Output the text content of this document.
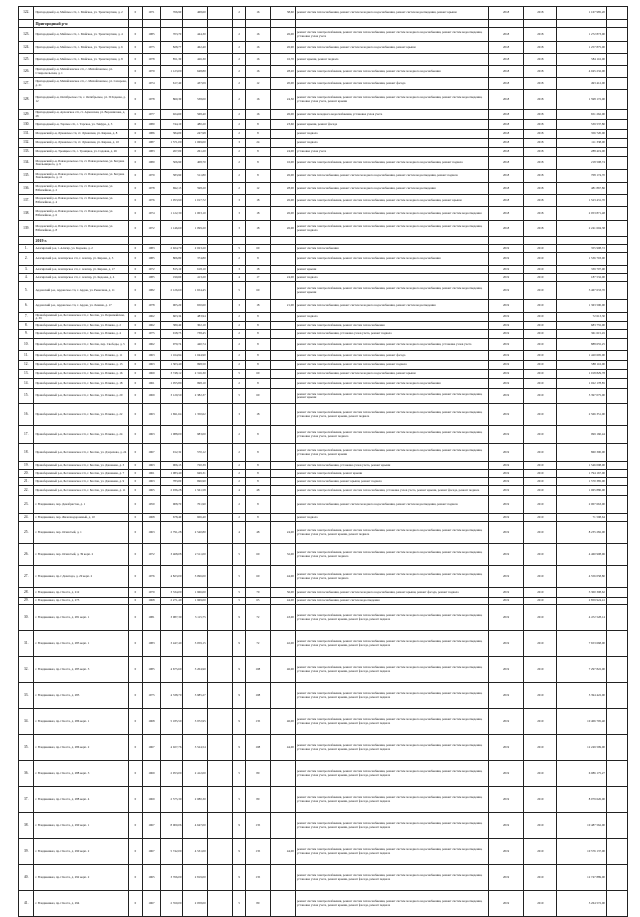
122.	Пригородный р-н, Майское с/п, с. Майское, ул. Транспортная, д. 2	0	1971	766,90	468,60		2	16	38,60	ремонт систем теплоснабжения, ремонт систем холодного водоснабжения, ремонт систем водоотведения, ремонт крыши	2018	2018	1 167 985,20	
	Пригородный р-н													
123.	Пригородный р-н, Майское с/п, с. Майское, ул. Транспортная, д. 4	0	1985	703,70	444,30		2	16	26,00	ремонт систем электроснабжения, ремонт систем теплоснабжения, ремонт систем холодного водоснабжения, ремонт систем водоотведения, установка узлов учета	2018	2018	1 272 873,00	
124.	Пригородный р-н, Майское с/п, с. Майское, ул. Транспортная, д. 6	0	1975	828,77	462,40		2	16	26,90	ремонт систем теплоснабжения, ремонт систем холодного водоснабжения, ремонт крыши	2018	2018	1 257 875,00	
125.	Пригородный р-н, Майское с/п, с. Майское, ул. Транспортная, д. 8	0	1978	851,30	426,30		2	16	16,70	ремонт крыши, ремонт подвала	2018	2018	584 116,00	
126.	Пригородный р-н, Михайловское с/п, с. Михайловское, ул. Ставропольская, д. 1	0	1979	1 123,00	648,80		2	16	28,20	ремонт систем электроснабжения, ремонт систем теплоснабжения, ремонт систем холодного водоснабжения	2018	2018	4 045 232,00	
127.	Пригородный р-н, Михайловское с/п, с. Михайловское, ул. Сахарова, д. 21	0	1974	617,40	437,09		2	12	20,00	ремонт систем электроснабжения, ремонт систем теплоснабжения, ремонт фасада	2018	2018	493 412,00	
128.	Пригородный р-н, Октябрьское с/п, с. Октябрьское, ул. П.Тедеева, д. 12	0	1978	860,30	538,00		2	16	24,50	ремонт систем электроснабжения, ремонт систем теплоснабжения, ремонт систем холодного водоснабжения, ремонт систем водоотведения, установка узлов учета, ремонт крыши	2018	2018	1 598 172,00	
129.	Пригородный р-н, Архонское с/п, ст. Архонская, ул. Ворошилова, д. 28	0	1977	924,60	568,40		2	16	26,00	ремонт систем холодного водоснабжения, установка узлов учета	2018	2018	651 262,00	
130.	Пригородный р-н, Тарское с/п, с. Тарское, ул. Тимура, д. 3	0	1980	744,10	480,20		2	8	23,60	ремонт крыши, ремонт фасада	2018	2018	539 537,80	
131.	Моздокский р-н, Луковское с/п, ст. Луковская, ул. Кирова, д. 8	0	1986	384,00	247,98		2	8		ремонт подвала	2018	2018	356 720,00	
132.	Моздокский р-н, Луковское с/п, ст. Луковская, ул. Кирова, д. 10	0	1987	1 571,00	1 069,00		3	24		ремонт подвала	2018	2018	111 338,00	
133.	Моздокский р-н, Троицкое с/п, с. Троицкое, ул. Садовая, д. 26	0	1983	267,00	261,20		2	8	24,00	установка узлов учета	2018	2018	288 419,00	
134.	Моздокский р-н, Павлодольское с/п, ст. Павлодольская, ул. Богдана Хмельницкого, д. 9	0	1980	506,90	408,70		2	8	16,00	ремонт систем электроснабжения, ремонт систем теплоснабжения, ремонт систем холодного водоснабжения, ремонт подвала	2018	2018	218 508,74	
135.	Моздокский р-н, Павлодольское с/п, ст. Павлодольская, ул. Богдана Хмельницкого, д. 11	0	1979	583,90	511,80		2	8	26,00	ремонт систем теплоснабжения, ремонт систем холодного водоснабжения, ремонт систем водоотведения, ремонт подвала	2018	2018	708 174,70	
136.	Моздокский р-н, Павлодольское с/п, ст. Павлодольская, ул. Юбилейная, д. 2	0	1978	692,13	598,20		2	12	28,00	ремонт систем теплоснабжения, ремонт систем холодного водоснабжения, ремонт систем водоотведения	2018	2018	481 867,86	
137.	Моздокский р-н, Павлодольское с/п, ст. Павлодольская, ул. Юбилейная, д. 4	0	1976	1 053,90	1 017,72		3	18	26,00	ремонт систем электроснабжения, ремонт систем теплоснабжения, ремонт систем холодного водоснабжения, ремонт крыши	2018	2018	1 523 431,70	
138.	Моздокский р-н, Павлодольское с/п, ст. Павлодольская, ул. Юбилейная, д. 6	0	1974	1 122,30	1 003,10		3	18	26,00	ремонт систем электроснабжения, ремонт систем теплоснабжения, ремонт систем холодного водоснабжения, ремонт систем водоотведения	2018	2018	2 053 871,48	
139.	Моздокский р-н, Павлодольское с/п, ст. Павлодольская, ул. Юбилейная, д. 8	0	1972	1 146,60	1 099,20		3	18	26,00	ремонт систем электроснабжения, ремонт систем теплоснабжения, ремонт систем холодного водоснабжения, ремонт систем водоотведения, ремонт подвала	2018	2018	2 241 604,38	
	2019 г.													
1.	Алагирский р-н, г. Алагир, ул. Кодоева, д. 2	0	1983	2 924,70	2 023,20		5	60		ремонт систем теплоснабжения	2019	2019	355 908,72	
2.	Алагирский р-н, Алагирское с/п, г. Алагир, ул. Кирова, д. 3	0	1985	806,80	374,80		2	8		ремонт систем электроснабжения, ремонт систем теплоснабжения, ремонт систем холодного водоснабжения	2019	2019	1 536 703,00	
3.	Алагирский р-н, Алагирское с/п, г. Алагир, ул. Кирова, д. 17	0	1972	815,10	618,10		3	18		ремонт крыши	2019	2019	339 707,00	
4.	Алагирский р-н, Алагирское с/п, г. Алагир, ул. Кодоева, д. 4	0	1985	199,60	413,20		4	17	24,00	ремонт подвала	2019	2019	187 532,00	
5.	Ардонский р-н, Ардонское с/п, г. Ардон, ул. Рыночная, д. 11	0	1982	2 126,60	1 654,45		5	60		ремонт систем электроснабжения, ремонт систем теплоснабжения, ремонт систем холодного водоснабжения, ремонт систем водоотведения, ремонт крыши	2019	2019	3 467 633,70	
6.	Ардонский р-н, Ардонское с/п, г. Ардон, ул. Ленина, д. 17	0	1978	905,20	650,60		3	18	21,00	ремонт систем теплоснабжения, ремонт систем холодного водоснабжения, ремонт систем водоотведения	2019	2019	1 363 500,00	
7.	Правобережный р-н, Беслановское г/п, г. Беслан, ул. Первомайская, д. 39	0	1962	603,34	483,94		2	8		ремонт подвала	2019	2019	72 613,30	
8.	Правобережный р-н, Беслановское г/п, г. Беслан, ул. Плиева, д. 2	0	1962	380,40	302,10		2	8		ремонт систем электроснабжения, ремонт систем теплоснабжения	2019	2019	683 755,00	
9.	Правобережный р-н, Беслановское г/п, г. Беслан, ул. Плиева, д. 4	0	1975	918,75	738,45		2	8		ремонт систем теплоснабжения, установка узлов учета, ремонт подвала	2019	2019	361 615,45	
10.	Правобережный р-н, Беслановское г/п, г. Беслан, пер. Свободы, д. 5	0	1962	979,74	440,74		2	8		ремонт систем электроснабжения, ремонт систем теплоснабжения, ремонт систем холодного водоснабжения, установка узлов учета	2019	2019	888 655,25	
11.	Правобережный р-н, Беслановское г/п, г. Беслан, ул. Плиева, д. 11	0	1963	1 164,94	1 044,90		2	8		ремонт систем электроснабжения, ремонт систем теплоснабжения, ремонт фасада	2019	2019	1 420 695,00	
12.	Правобережный р-н, Беслановское г/п, г. Беслан, ул. Плиева, д. 13	0	1963	1 303,40	998,50		2	8		ремонт систем электроснабжения, ремонт систем теплоснабжения, ремонт подвала	2019	2019	588 116,00	
13.	Правобережный р-н, Беслановское г/п, г. Беслан, ул. Плиева, д. 16	0	1969	3 748,12	2 316,30		5	60		ремонт систем теплоснабжения, ремонт систем холодного водоснабжения, ремонт крыши	2019	2019	1 018 829,78	
14.	Правобережный р-н, Беслановское г/п, г. Беслан, ул. Плиева, д. 18	0	1961	1 055,80	998,10		2	8		ремонт систем электроснабжения, ремонт систем теплоснабжения, ремонт систем холодного водоснабжения	2019	2019	1 022 178,85	
15.	Правобережный р-н, Беслановское г/п, г. Беслан, ул. Плиева, д. 20	0	1969	3 129,50	2 382,37		5	60		ремонт систем электроснабжения, ремонт систем теплоснабжения, ремонт систем холодного водоснабжения, ремонт систем водоотведения, ремонт крыши	2019	2019	5 397 075,00	
16.	Правобережный р-н, Беслановское г/п, г. Беслан, ул. Плиева, д. 22	0	1963	1 691,64	1 350,62		3	18		ремонт систем электроснабжения, ремонт систем теплоснабжения, ремонт систем холодного водоснабжения, ремонт систем водоотведения, установка узлов учета, ремонт крыши, ремонт подвала	2019	2019	2 566 351,00	
17.	Правобережный р-н, Беслановское г/п, г. Беслан, ул. Плиева, д. 24	0	1963	1 088,00	983,00		2	8		ремонт систем электроснабжения, ремонт систем теплоснабжения, ремонт систем холодного водоснабжения, ремонт систем водоотведения, установка узлов учета, ремонт подвала	2019	2019	999 160,44	
18.	Правобережный р-н, Беслановское г/п, г. Беслан, ул. Дзарахова, д. 24	0	1967	912,32	570,12		2	8		ремонт систем электроснабжения, ремонт систем теплоснабжения, ремонт систем холодного водоснабжения, ремонт систем водоотведения, установка узлов учета, ремонт крыши	2019	2019	860 300,00	
19.	Правобережный р-н, Беслановское г/п, г. Беслан, ул. Джанаева, д. 3	0	1963	906,13	720,39		2	8		ремонт систем теплоснабжения, установка узлов учета, ремонт крыши	2019	2019	1 546 098,00	
20.	Правобережный р-н, Беслановское г/п, г. Беслан, ул. Джанаева, д. 7	0	1961	1 083,40	949,31		2	8		ремонт систем электроснабжения, ремонт крыши	2019	2019	1 794 167,00	
21.	Правобережный р-н, Беслановское г/п, г. Беслан, ул. Джанаева, д. 9	0	1963	783,00	696,90		2	8		ремонт систем теплоснабжения, ремонт крыши, ремонт подвала	2019	2019	1 570 385,00	
22.	Правобережный р-н, Беслановское г/п, г. Беслан, ул. Джанаева, д. 11	0	1965	2 936,28	1 561,58		4	48		ремонт систем электроснабжения, ремонт систем теплоснабжения, установка узлов учета, ремонт крыши, ремонт фасада, ремонт подвала	2019	2019	1 065 880,00	
23.	г. Владикавказ, пер. Декабристов, д. 1	0	1950	908,70	701,90		2	8		ремонт систем теплоснабжения, ремонт систем холодного водоснабжения, ремонт систем водоотведения, ремонт подвала	2019	2019	2 007 663,00	
24.	г. Владикавказ, пер. Железнодорожный, д. 10	0	1968	678,40	606,40		2	8		ремонт подвала	2019	2019	71 598,64	
25.	г. Владикавказ, пер. Огнистый, д. 1	0	1963	2 791,28	2 540,80		4	48	24,00	ремонт систем электроснабжения, ремонт систем теплоснабжения, ремонт систем холодного водоснабжения, ремонт систем водоотведения, установка узлов учета, ремонт крыши, ремонт подвала	2019	2019	8 235 282,00	
26.	г. Владикавказ, пер. Огнистый, д. 39 корп. 2	0	1972	3 468,08	2 511,00		5	60	32,00	ремонт систем электроснабжения, ремонт систем теплоснабжения, ремонт систем холодного водоснабжения, ремонт систем водоотведения, установка узлов учета, ремонт подвала	2019	2019	4 460 908,96	
27.	г. Владикавказ, пр-т Доватора, д. 29 корп. 2	0	1976	4 823,00	3 096,00		5	60	44,00	ремонт систем электроснабжения, ремонт систем теплоснабжения, ремонт систем холодного водоснабжения, ремонт систем водоотведения, установка узлов учета, ремонт подвала	2019	2019	4 556 058,80	
28.	г. Владикавказ, пр-т Коста, д. 212	0	1979	3 334,00	1 966,00		5	70	56,00	ремонт систем теплоснабжения, ремонт систем холодного водоснабжения, ремонт крыши, ремонт фасада, ремонт подвала	2019	2019	3 300 308,62	
29.	г. Владикавказ, пр-т Коста, д. 275	0	1968	2 271,40	1 969,00		5	65	44,00	ремонт систем теплоснабжения, ремонт систем водоотведения	2019	2019	2 859 924,41	
30.	г. Владикавказ, пр-т Коста, д. 281 корп. 1	0	1981	3 987,30	3 115,75		9	72	43,00	ремонт систем электроснабжения, ремонт систем теплоснабжения, ремонт систем холодного водоснабжения, ремонт систем водоотведения, установка узлов учета, ремонт крыши, ремонт фасада, ремонт подвала	2019	2019	4 472 528,14	
31.	г. Владикавказ, пр-т Коста, д. 283 корп. 1	0	1983	3 447,40	3 059,15		9	72	42,00	ремонт систем электроснабжения, ремонт систем теплоснабжения, ремонт систем холодного водоснабжения, ремонт систем водоотведения, установка узлов учета, ремонт крыши, ремонт фасада, ремонт подвала	2019	2019	7 653 668,00	
32.	г. Владикавказ, пр-т Коста, д. 283 корп. 3	0	1985	4 675,60	3 204,90		9	108	46,00	ремонт систем электроснабжения, ремонт систем теплоснабжения, ремонт систем холодного водоснабжения, ремонт систем водоотведения, установка узлов учета, ремонт крыши, ремонт фасада, ремонт подвала	2019	2019	7 297 822,00	
33.	г. Владикавказ, пр-т Коста, д. 285	0	1975	4 338,70	3 985,27		9	108		ремонт систем электроснабжения, ремонт систем теплоснабжения, ремонт систем холодного водоснабжения, ремонт систем водоотведения, установка узлов учета, ремонт крыши, ремонт фасада, ремонт подвала	2019	2019	5 394 422,00	
34.	г. Владикавказ, пр-т Коста, д. 286 корп. 1	0	1968	5 185,50	3 972,95		9	135	46,00	ремонт систем электроснабжения, ремонт систем теплоснабжения, ремонт систем холодного водоснабжения, ремонт систем водоотведения, установка узлов учета, ремонт крыши, ремонт фасада, ремонт подвала	2019	2019	10 406 795,40	
35.	г. Владикавказ, пр-т Коста, д. 286 корп. 2	0	1967	4 027,76	3 524,54		9	108	44,00	ремонт систем электроснабжения, ремонт систем теплоснабжения, ремонт систем холодного водоснабжения, ремонт систем водоотведения, установка узлов учета, ремонт крыши, ремонт фасада, ремонт подвала	2019	2019	12 249 599,00	
36.	г. Владикавказ, пр-т Коста, д. 288 корп. 3	0	1969	2 953,00	2 412,00		5	80		ремонт систем электроснабжения, ремонт систем теплоснабжения, ремонт систем холодного водоснабжения, ремонт систем водоотведения, установка узлов учета, ремонт крыши, ремонт фасада, ремонт подвала	2019	2019	6 086 175,27	
37.	г. Владикавказ, пр-т Коста, д. 288 корп. 4	0	1969	2 575,30	2 080,30		5	80		ремонт систем электроснабжения, ремонт систем теплоснабжения, ремонт систем холодного водоснабжения, ремонт систем водоотведения, установка узлов учета, ремонт крыши, ремонт фасада, ремонт подвала	2019	2019	8 079 626,00	
38.	г. Владикавказ, пр-т Коста, д. 290 корп. 1	0	1967	8 000,06	4 647,00		9	135		ремонт систем электроснабжения, ремонт систем теплоснабжения, ремонт систем холодного водоснабжения, ремонт систем водоотведения, установка узлов учета, ремонт крыши, ремонт фасада, ремонт подвала	2019	2019	10 487 562,00	
39.	г. Владикавказ, пр-т Коста, д. 290 корп. 2	0	1967	5 742,00	4 531,00		9	135	44,00	ремонт систем электроснабжения, ремонт систем теплоснабжения, ремонт систем холодного водоснабжения, ремонт систем водоотведения, установка узлов учета, ремонт крыши, ремонт фасада, ремонт подвала	2019	2019	10 576 137,00	
40.	г. Владикавказ, пр-т Коста, д. 292 корп. 2	0	1965	3 766,00	2 819,00		9	135		ремонт систем электроснабжения, ремонт систем теплоснабжения, ремонт систем холодного водоснабжения, ремонт систем водоотведения, установка узлов учета, ремонт крыши, ремонт фасада, ремонт подвала	2019	2019	12 747 889,00	
41.	г. Владикавказ, пр-т Коста, д. 294	0	1967	2 350,00	2 058,00		5	80		ремонт систем электроснабжения, ремонт систем теплоснабжения, ремонт систем холодного водоснабжения, ремонт систем водоотведения, установка узлов учета, ремонт крыши, ремонт фасада, ремонт подвала	2019	2019	5 264 572,00	
